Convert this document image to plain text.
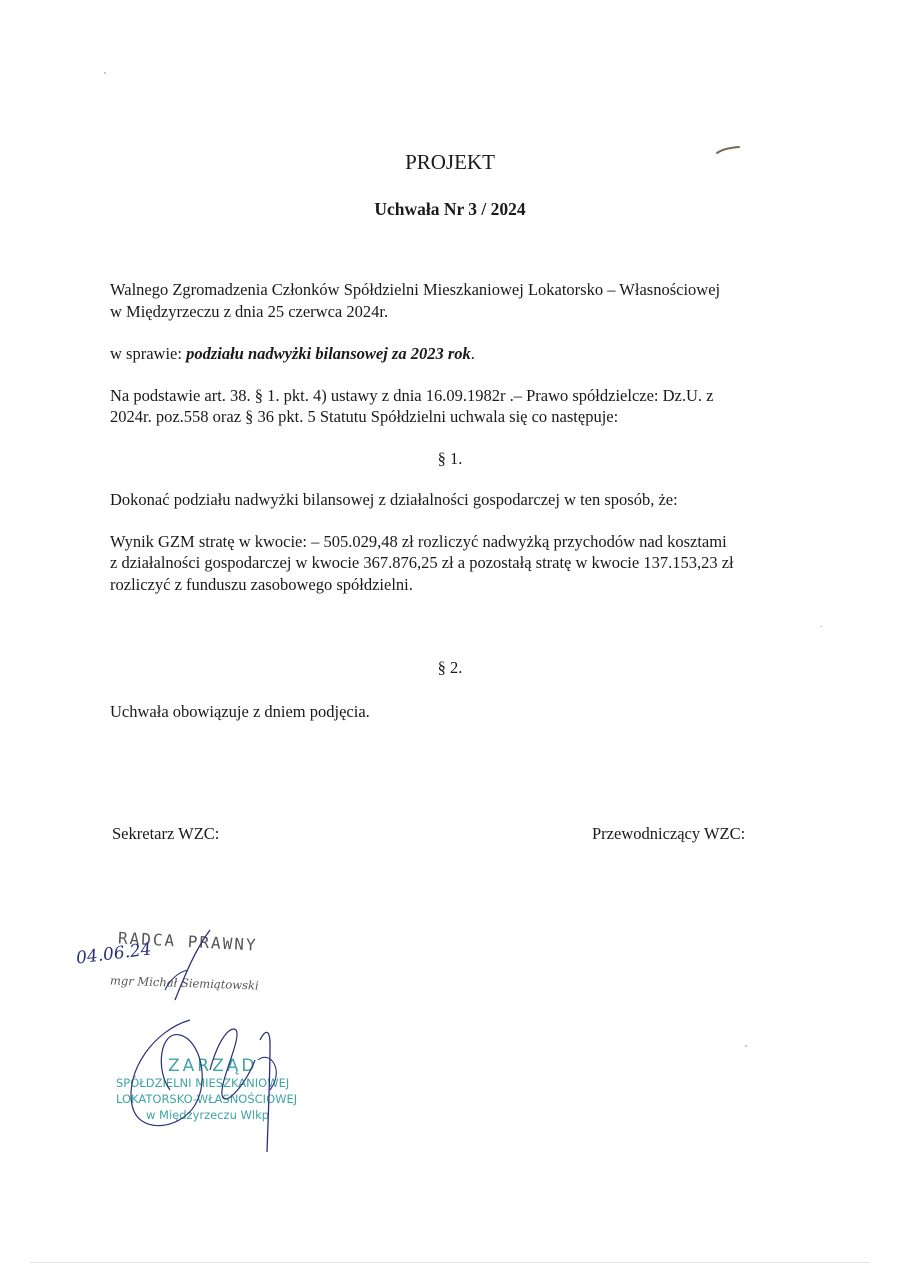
PROJEKT
Uchwała Nr 3 / 2024
Walnego Zgromadzenia Członków Spółdzielni Mieszkaniowej Lokatorsko – Własnościowej
w Międzyrzeczu z dnia 25 czerwca 2024r.
w sprawie: podziału nadwyżki bilansowej za 2023 rok.
Na podstawie art. 38. § 1. pkt. 4) ustawy z dnia 16.09.1982r .– Prawo spółdzielcze: Dz.U. z
2024r. poz.558 oraz § 36 pkt. 5 Statutu Spółdzielni uchwala się co następuje:
§ 1.
Dokonać podziału nadwyżki bilansowej z działalności gospodarczej w ten sposób, że:
Wynik GZM stratę w kwocie: – 505.029,48 zł rozliczyć nadwyżką przychodów nad kosztami
z działalności gospodarczej w kwocie 367.876,25 zł a pozostałą stratę w kwocie 137.153,23 zł
rozliczyć z funduszu zasobowego spółdzielni.
§ 2.
Uchwała obowiązuje z dniem podjęcia.
Sekretarz WZC:	Przewodniczący WZC:
RADCA PRAWNY
mgr Michał Siemiątowski
04.06.24
ZARZĄD
SPÓŁDZIELNI MIESZKANIOWEJ
LOKATORSKO-WŁASNOŚCIOWEJ
w Międzyrzeczu Wlkp
